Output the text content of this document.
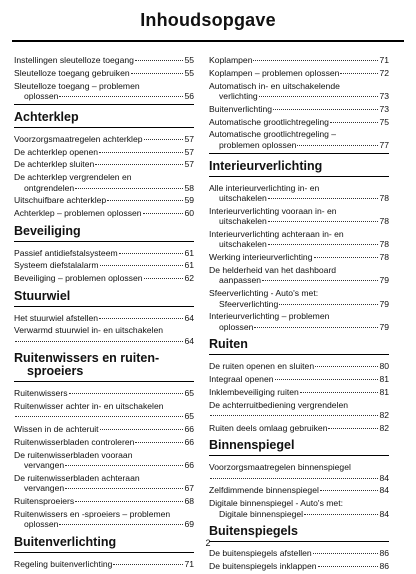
Inhoudsopgave
Instellingen sleutelloze toegang	55
Sleutelloze toegang gebruiken	55
Sleutelloze toegang – problemen
oplossen	56
Achterklep
Voorzorgsmaatregelen achterklep	57
De achterklep openen	57
De achterklep sluiten	57
De achterklep vergrendelen en
ontgrendelen	58
Uitschuifbare achterklep	59
Achterklep – problemen oplossen	60
Beveiliging
Passief antidiefstalsysteem	61
Systeem diefstalalarm	61
Beveiliging – problemen oplossen	62
Stuurwiel
Het stuurwiel afstellen	64
Verwarmd stuurwiel in- en uitschakelen
64
Ruitenwissers en ruiten-
sproeiers
Ruitenwissers	65
Ruitenwisser achter in- en uitschakelen
65
Wissen in de achteruit	66
Ruitenwisserbladen controleren	66
De ruitenwisserbladen vooraan
vervangen	66
De ruitenwisserbladen achteraan
vervangen	67
Ruitensproeiers	68
Ruitenwissers en -sproeiers – problemen
oplossen	69
Buitenverlichting
Regeling buitenverlichting	71
Koplampen	71
Koplampen – problemen oplossen	72
Automatisch in- en uitschakelende
verlichting	73
Buitenverlichting	73
Automatische grootlichtregeling	75
Automatische grootlichtregeling –
problemen oplossen	77
Interieurverlichting
Alle interieurverlichting in- en
uitschakelen	78
Interieurverlichting vooraan in- en
uitschakelen	78
Interieurverlichting achteraan in- en
uitschakelen	78
Werking interieurverlichting	78
De helderheid van het dashboard
aanpassen	79
Sfeerverlichting - Auto's met:
Sfeerverlichting	79
Interieurverlichting – problemen
oplossen	79
Ruiten
De ruiten openen en sluiten	80
Integraal openen	81
Inklembeveiliging ruiten	81
De achterruitbediening vergrendelen
82
Ruiten deels omlaag gebruiken	82
Binnenspiegel
Voorzorgsmaatregelen binnenspiegel
84
Zelfdimmende binnenspiegel	84
Digitale binnenspiegel - Auto's met:
Digitale binnenspiegel	84
Buitenspiegels
De buitenspiegels afstellen	86
De buitenspiegels inklappen	86
2
